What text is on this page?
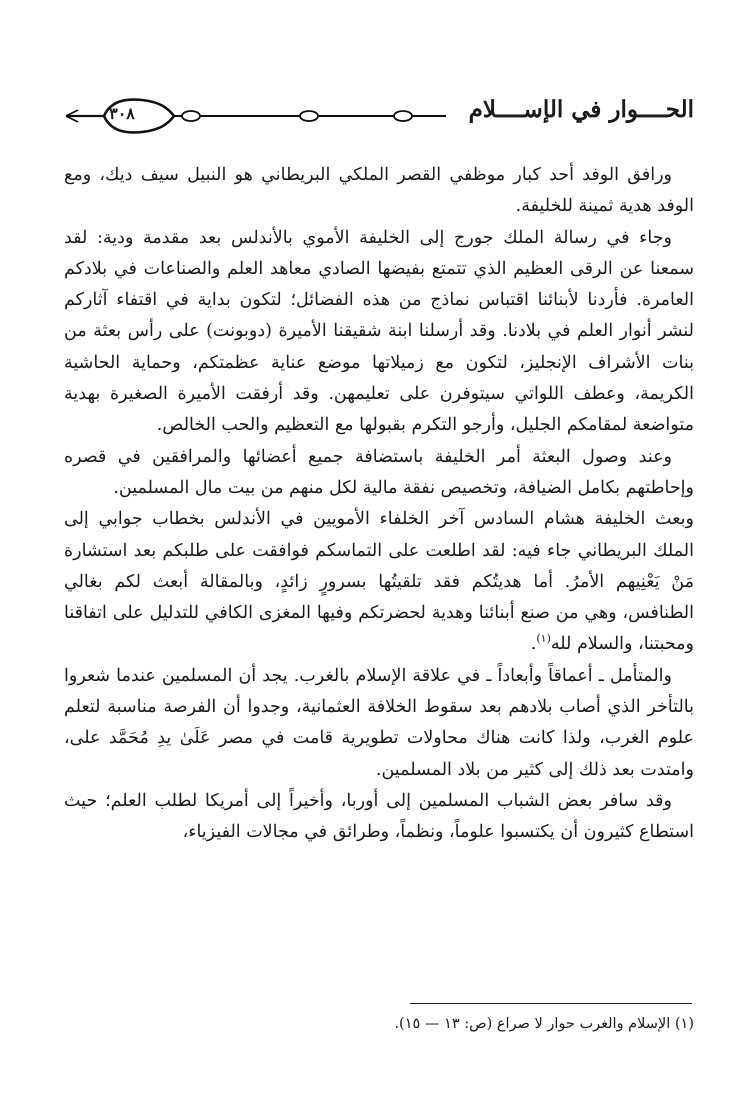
٣٠٨	الحــــوار في الإســــلام

ورافق الوفد أحد كبار موظفي القصر الملكي البريطاني هو النبيل سيف ديك، ومع الوفد هدية ثمينة للخليفة.

وجاء في رسالة الملك جورج إلى الخليفة الأموي بالأندلس بعد مقدمة ودية: لقد سمعنا عن الرقى العظيم الذي تتمتع بفيضها الصادي معاهد العلم والصناعات في بلادكم العامرة. فأردنا لأبنائنا اقتباس نماذج من هذه الفضائل؛ لتكون بداية في اقتفاء آثاركم لنشر أنوار العلم في بلادنا. وقد أرسلنا ابنة شقيقنا الأميرة (دوبونت) على رأس بعثة من بنات الأشراف الإنجليز، لتكون مع زميلاتها موضع عناية عظمتكم، وحماية الحاشية الكريمة، وعطف اللواتي سيتوفرن على تعليمهن. وقد أرفقت الأميرة الصغيرة بهدية متواضعة لمقامكم الجليل، وأرجو التكرم بقبولها مع التعظيم والحب الخالص.

وعند وصول البعثة أمر الخليفة باستضافة جميع أعضائها والمرافقين في قصره وإحاطتهم بكامل الضيافة، وتخصيص نفقة مالية لكل منهم من بيت مال المسلمين.

وبعث الخليفة هشام السادس آخر الخلفاء الأمويين في الأندلس بخطاب جوابي إلى الملك البريطاني جاء فيه: لقد اطلعت على التماسكم فوافقت على طلبكم بعد استشارة مَنْ يَعْنِيهم الأمرُ. أما هديتُكم فقد تلقيتُها بسرورٍ زائدٍ، وبالمقالة أبعث لكم بغالي الطنافس، وهي من صنع أبنائنا وهدية لحضرتكم وفيها المغزى الكافي للتدليل على اتفاقنا ومحبتنا، والسلام لله$^{(١)}$.

والمتأمل ـ أعماقاً وأبعاداً ـ في علاقة الإسلام بالغرب. يجد أن المسلمين عندما شعروا بالتأخر الذي أصاب بلادهم بعد سقوط الخلافة العثمانية، وجدوا أن الفرصة مناسبة لتعلم علوم الغرب، ولذا كانت هناك محاولات تطويرية قامت في مصر عَلَىٰ يدِ مُحَمَّد على، وامتدت بعد ذلك إلى كثير من بلاد المسلمين.

وقد سافر بعض الشباب المسلمين إلى أوربا، وأخيراً إلى أمريكا لطلب العلم؛ حيث استطاع كثيرون أن يكتسبوا علوماً، ونظماً، وطرائق في مجالات الفيزياء،

(١) الإسلام والغرب حوار لا صراع (ص: ١٣ — ١٥).
